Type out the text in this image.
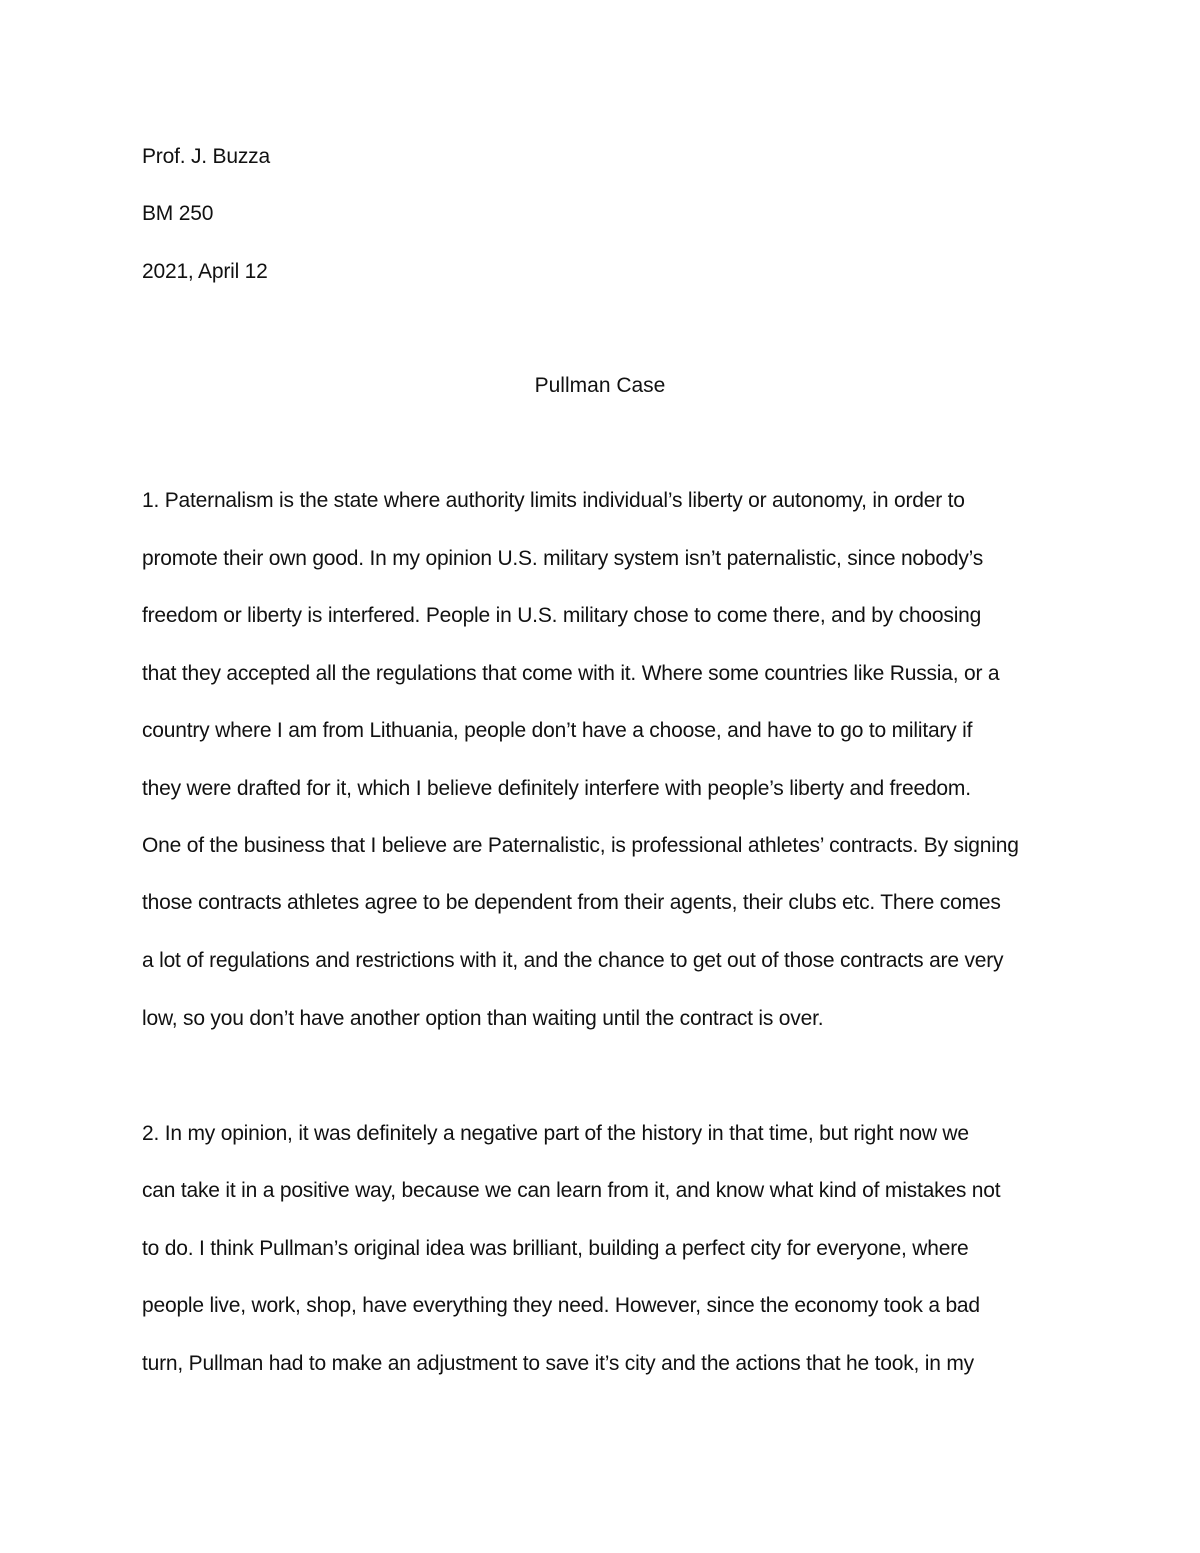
Prof. J. Buzza
BM 250
2021, April 12
Pullman Case
1. Paternalism is the state where authority limits individual’s liberty or autonomy, in order to
promote their own good. In my opinion U.S. military system isn’t paternalistic, since nobody’s
freedom or liberty is interfered. People in U.S. military chose to come there, and by choosing
that they accepted all the regulations that come with it. Where some countries like Russia, or a
country where I am from Lithuania, people don’t have a choose, and have to go to military if
they were drafted for it, which I believe definitely interfere with people’s liberty and freedom.
One of the business that I believe are Paternalistic, is professional athletes’ contracts. By signing
those contracts athletes agree to be dependent from their agents, their clubs etc. There comes
a lot of regulations and restrictions with it, and the chance to get out of those contracts are very
low, so you don’t have another option than waiting until the contract is over.
2. In my opinion, it was definitely a negative part of the history in that time, but right now we
can take it in a positive way, because we can learn from it, and know what kind of mistakes not
to do. I think Pullman’s original idea was brilliant, building a perfect city for everyone, where
people live, work, shop, have everything they need. However, since the economy took a bad
turn, Pullman had to make an adjustment to save it’s city and the actions that he took, in my
